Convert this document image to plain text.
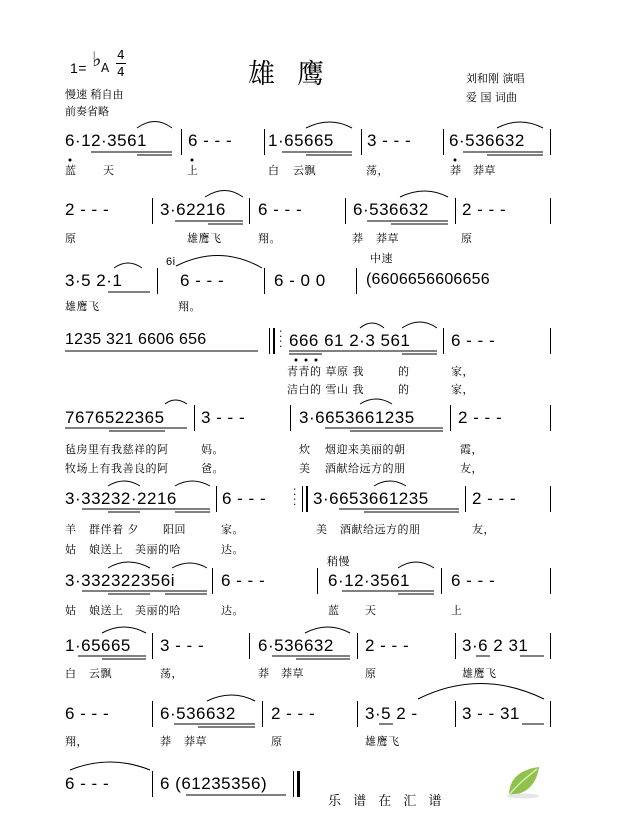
1= ♭ A
4
4	雄鹰	刘和刚 演唱
爱 国 词曲
慢速 稍自由
前奏省略
6·12·3561 6 - - - 1·65665 3 - - - 6·536632
蓝 天	上	白 云飘	荡，	莽 莽草
2 - - -	3·62216 6 - - -	6·536632 2 - - -
原	雄鹰飞	翔。	莽 莽草	原
中速
3·5 2·1
6i
6 - - -	6 - 0 0	(6606656606656
雄鹰飞	翔。
1235 321 6606 656	:
: 666 61 2·3 561 6 - - -
青青的 草原 我	的	家，
洁白的 雪山 我	的	家，
7676522365 3 - - -	3·6653661235	2 - - -
毡房里有我慈祥的阿	妈。	炊 烟迎来美丽的朝	霞，
牧场上有我善良的阿	爸。	美 酒献给远方的朋	友，
3·33232·2216	6 - - - :
: 3·6653661235	2 - - -
羊 群伴着 夕 阳回	家。	美 酒献给远方的朋	友，
姑 娘送上 美丽的哈	达。
稍慢
3·332322356i	6 - - -	6·12·3561 6 - - -
姑 娘送上 美丽的哈	达。	蓝 天	上
1·65665 3 - - -	6·536632 2 - - -	3·6 2 31
白 云飘	荡，	莽 莽草	原	雄鹰飞
6 - - -	6·536632 2 - - -	3·5 2 -	3 - - 31
翔，	莽 莽草	原	雄鹰飞
6 - - -	6 (61235356)
乐 谱 在 汇 谱
